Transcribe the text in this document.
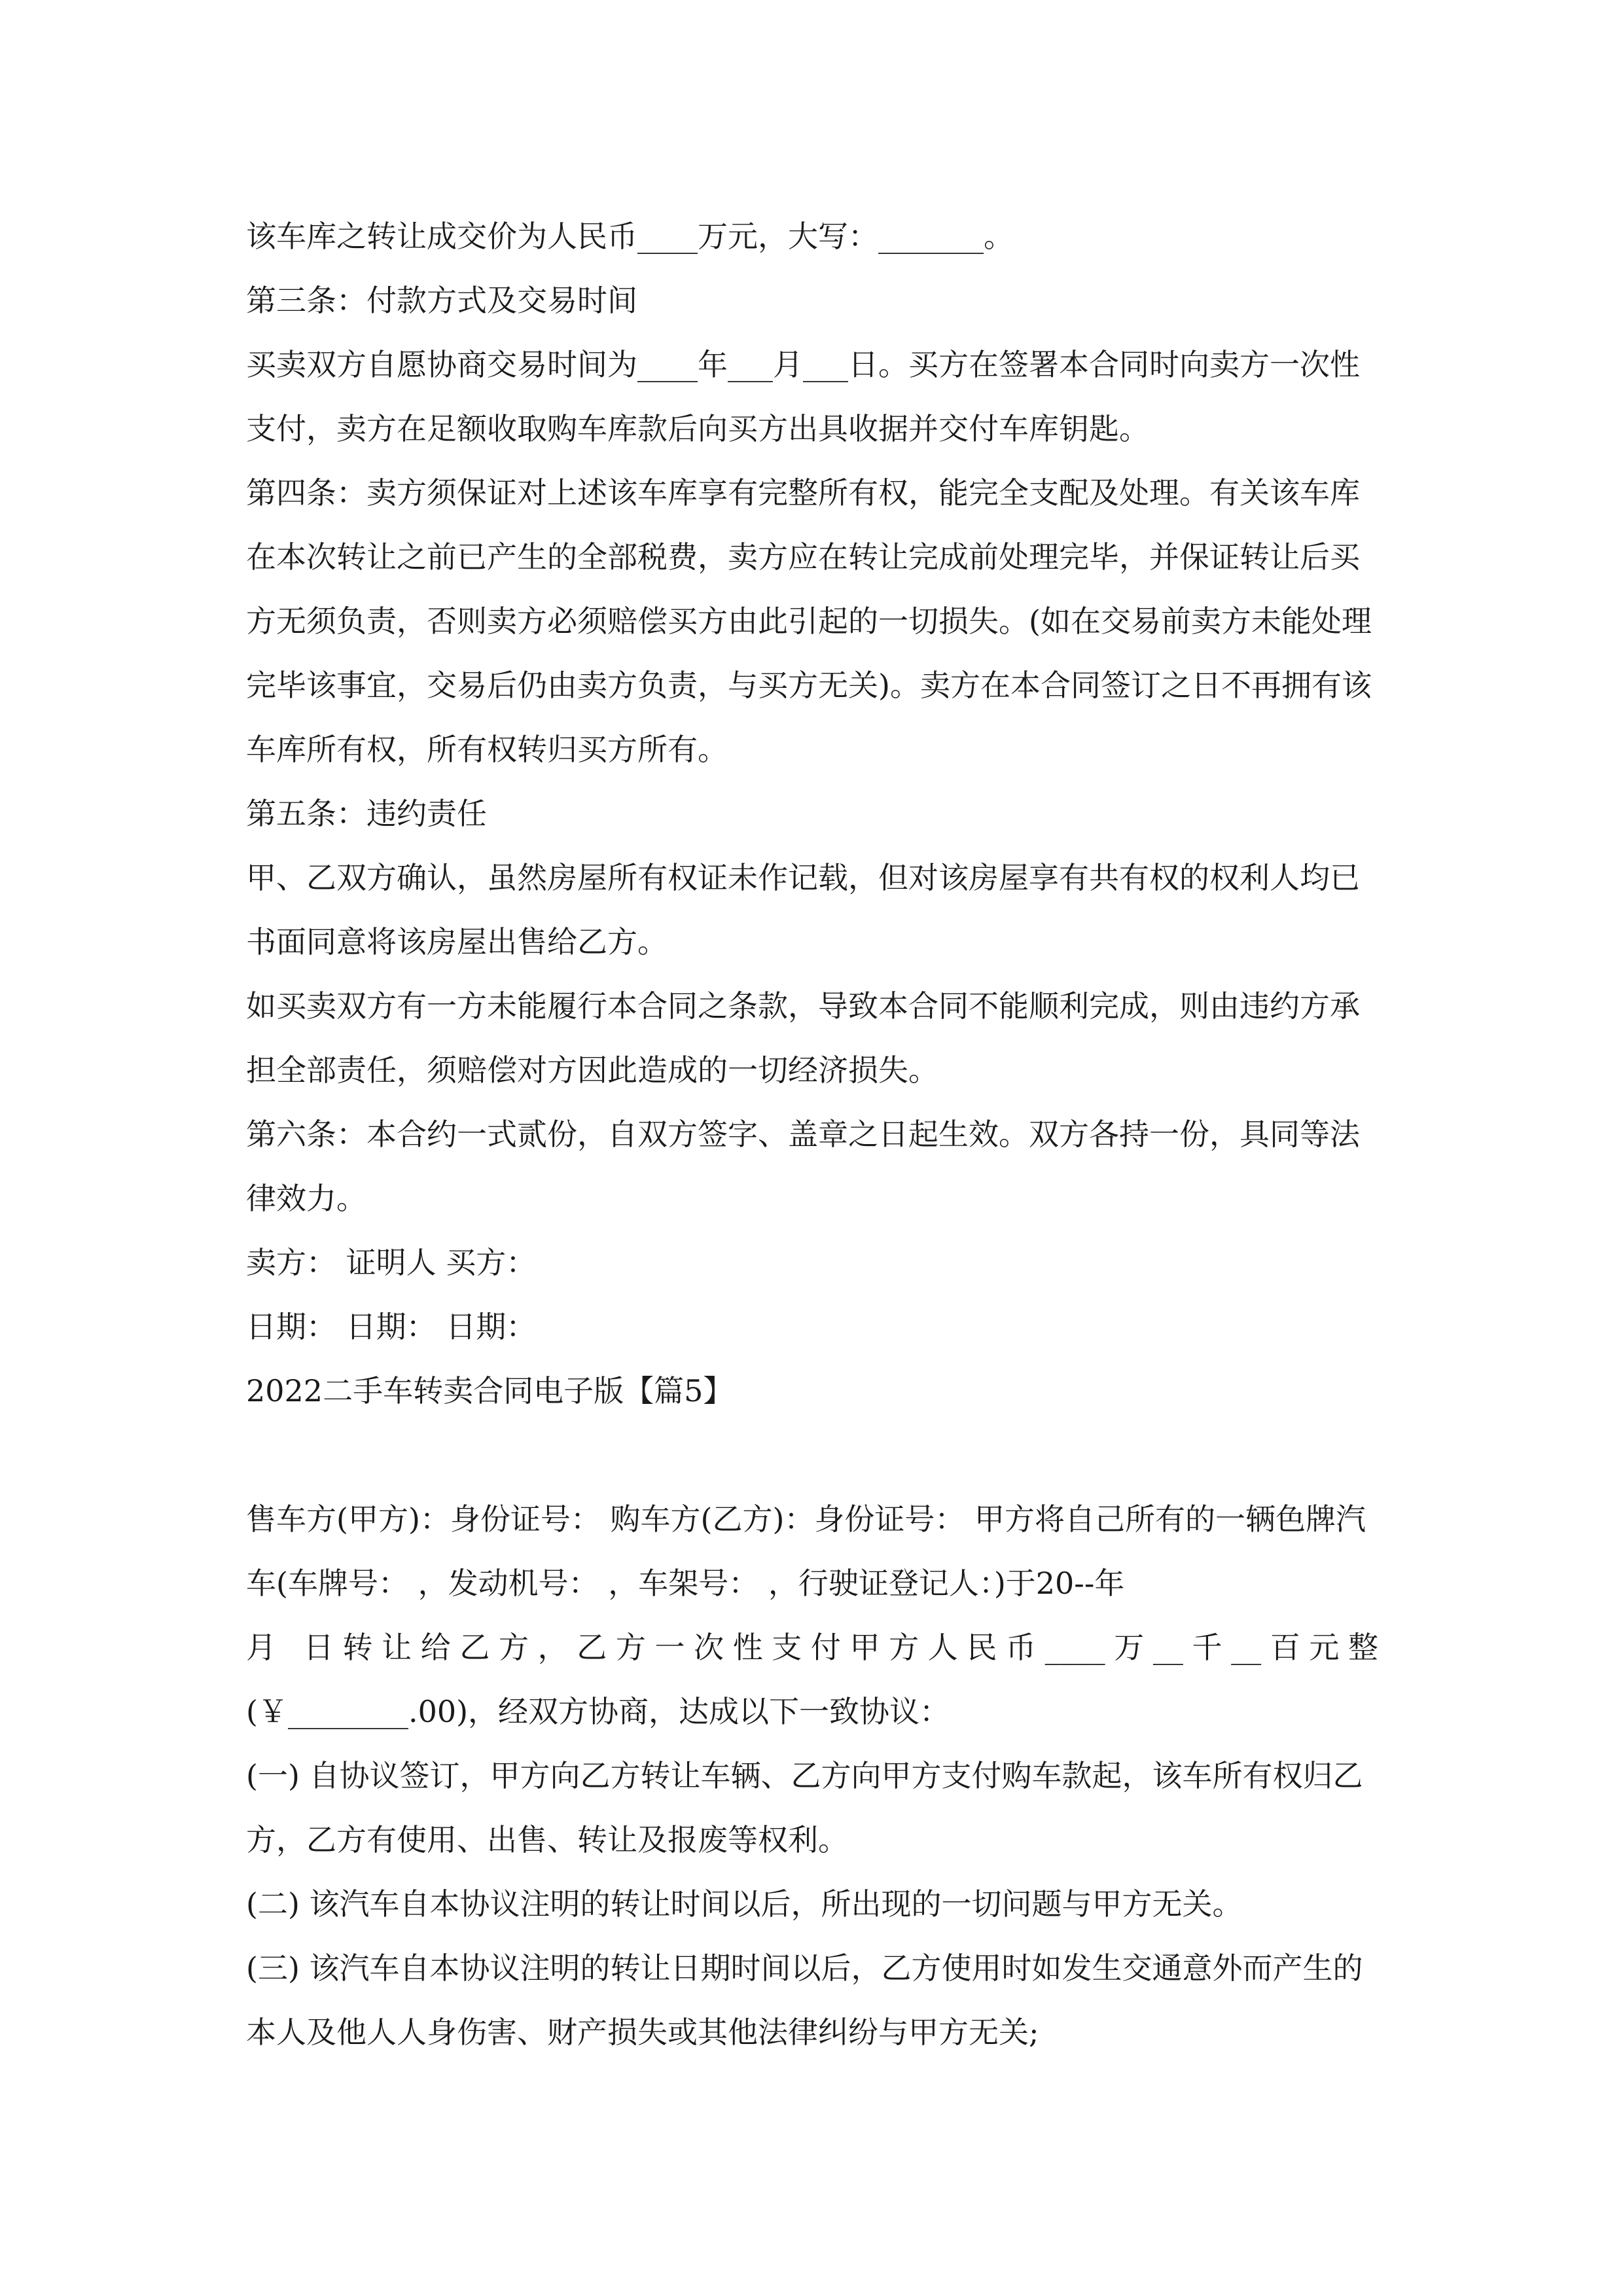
该车库之转让成交价为人民币____万元，大写：_______。

第三条：付款方式及交易时间

买卖双方自愿协商交易时间为____年___月___日。买方在签署本合同时向卖方一次性支付，卖方在足额收取购车库款后向买方出具收据并交付车库钥匙。

第四条：卖方须保证对上述该车库享有完整所有权，能完全支配及处理。有关该车库在本次转让之前已产生的全部税费，卖方应在转让完成前处理完毕，并保证转让后买方无须负责，否则卖方必须赔偿买方由此引起的一切损失。(如在交易前卖方未能处理完毕该事宜，交易后仍由卖方负责，与买方无关)。卖方在本合同签订之日不再拥有该车库所有权，所有权转归买方所有。

第五条：违约责任

甲、乙双方确认，虽然房屋所有权证未作记载，但对该房屋享有共有权的权利人均已书面同意将该房屋出售给乙方。

如买卖双方有一方未能履行本合同之条款，导致本合同不能顺利完成，则由违约方承担全部责任，须赔偿对方因此造成的一切经济损失。

第六条：本合约一式贰份，自双方签字、盖章之日起生效。双方各持一份，具同等法律效力。

卖方： 证明人 买方：

日期： 日期： 日期：

2022二手车转卖合同电子版【篇5】

售车方(甲方)：身份证号： 购车方(乙方)：身份证号： 甲方将自己所有的一辆色牌汽车(车牌号： ，发动机号： ，车架号： ，行驶证登记人：)于20--年

月 日转让给乙方，乙方一次性支付甲方人民币____万__千__百元整

(￥________.00)，经双方协商，达成以下一致协议：

(一) 自协议签订，甲方向乙方转让车辆、乙方向甲方支付购车款起，该车所有权归乙方，乙方有使用、出售、转让及报废等权利。

(二) 该汽车自本协议注明的转让时间以后，所出现的一切问题与甲方无关。

(三) 该汽车自本协议注明的转让日期时间以后，乙方使用时如发生交通意外而产生的本人及他人人身伤害、财产损失或其他法律纠纷与甲方无关;
